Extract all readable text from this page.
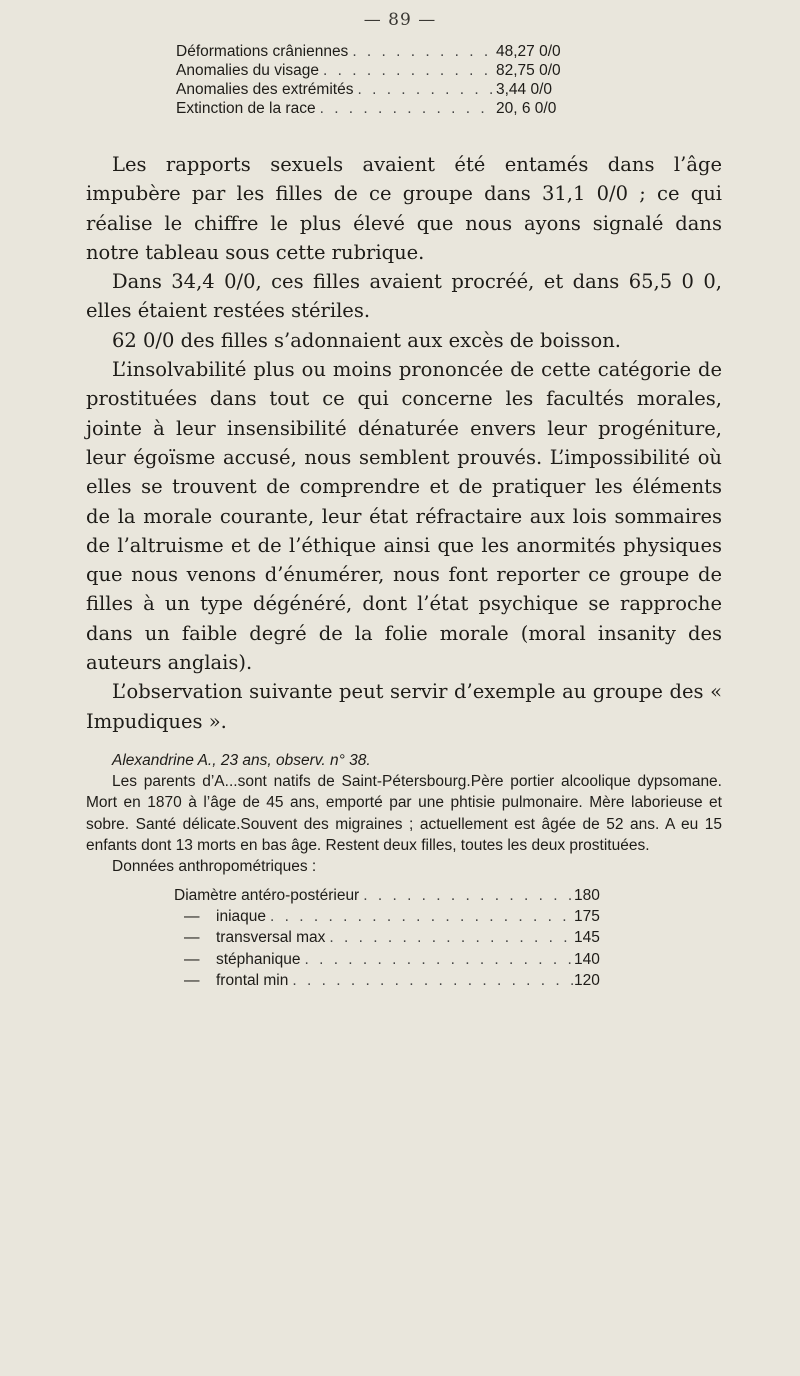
— 89 —
Déformations crâniennes . . .	48,27 0/0
Anomalies du visage . . .	82,75 0/0
Anomalies des extrémités . . .	3,44 0/0
Extinction de la race . . .	20, 6 0/0

Les rapports sexuels avaient été entamés dans l’âge impubère par les filles de ce groupe dans 31,1 0/0 ; ce qui réalise le chiffre le plus élevé que nous ayons signalé dans notre tableau sous cette rubrique.

Dans 34,4 0/0, ces filles avaient procréé, et dans 65,5 0 0, elles étaient restées stériles.

62 0/0 des filles s’adonnaient aux excès de boisson.

L’insolvabilité plus ou moins prononcée de cette catégorie de prostituées dans tout ce qui concerne les facultés morales, jointe à leur insensibilité dénaturée envers leur progéniture, leur égoïsme accusé, nous semblent prouvés. L’impossibilité où elles se trouvent de comprendre et de pratiquer les éléments de la morale courante, leur état réfractaire aux lois sommaires de l’altruisme et de l’éthique ainsi que les anormités physiques que nous venons d’énumérer, nous font reporter ce groupe de filles à un type dégénéré, dont l’état psychique se rapproche dans un faible degré de la folie morale (moral insanity des auteurs anglais).

L’observation suivante peut servir d’exemple au groupe des « Impudiques ».

Alexandrine A., 23 ans, observ. n° 38.

Les parents d’A...sont natifs de Saint-Pétersbourg.Père portier alcoolique dypsomane. Mort en 1870 à l’âge de 45 ans, emporté par une phtisie pulmonaire. Mère laborieuse et sobre. Santé délicate.Souvent des migraines ; actuellement est âgée de 52 ans. A eu 15 enfants dont 13 morts en bas âge. Restent deux filles, toutes les deux prostituées.

Données anthropométriques :

Diamètre antéro-postérieur . . .	180
— iniaque . . .	175
— transversal max . . .	145
— stéphanique . . .	140
— frontal min . . .	120
